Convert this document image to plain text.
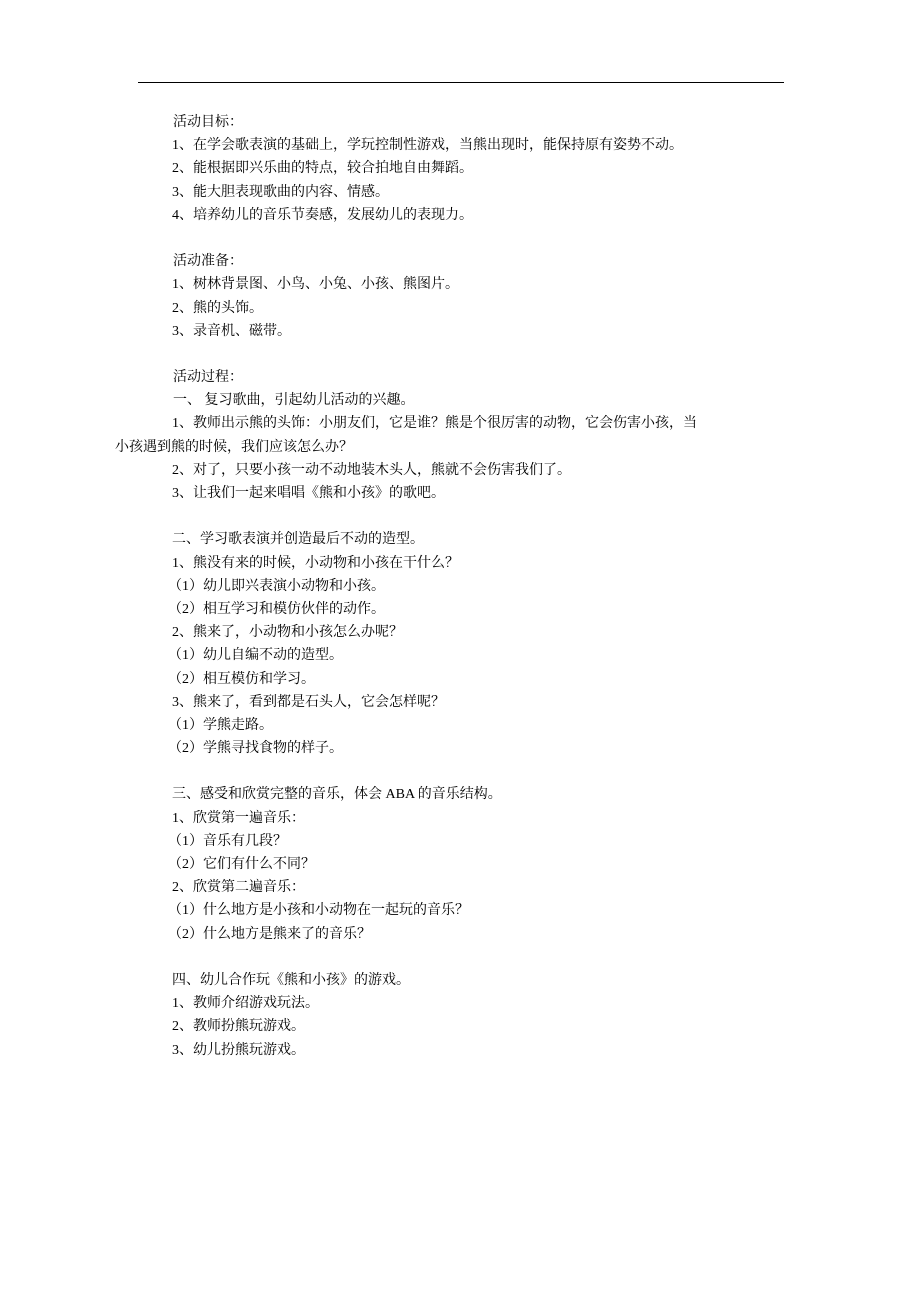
活动目标：
1、在学会歌表演的基础上，学玩控制性游戏，当熊出现时，能保持原有姿势不动。
2、能根据即兴乐曲的特点，较合拍地自由舞蹈。
3、能大胆表现歌曲的内容、情感。
4、培养幼儿的音乐节奏感，发展幼儿的表现力。
活动准备：
1、树林背景图、小鸟、小兔、小孩、熊图片。
2、熊的头饰。
3、录音机、磁带。
活动过程：
一、 复习歌曲，引起幼儿活动的兴趣。
1、教师出示熊的头饰：小朋友们，它是谁？熊是个很厉害的动物，它会伤害小孩，当
小孩遇到熊的时候，我们应该怎么办？
2、对了，只要小孩一动不动地装木头人，熊就不会伤害我们了。
3、让我们一起来唱唱《熊和小孩》的歌吧。
二、学习歌表演并创造最后不动的造型。
1、熊没有来的时候，小动物和小孩在干什么？
（1）幼儿即兴表演小动物和小孩。
（2）相互学习和模仿伙伴的动作。
2、熊来了，小动物和小孩怎么办呢？
（1）幼儿自编不动的造型。
（2）相互模仿和学习。
3、熊来了，看到都是石头人，它会怎样呢？
（1）学熊走路。
（2）学熊寻找食物的样子。
三、感受和欣赏完整的音乐，体会 ABA 的音乐结构。
1、欣赏第一遍音乐：
（1）音乐有几段？
（2）它们有什么不同？
2、欣赏第二遍音乐：
（1）什么地方是小孩和小动物在一起玩的音乐？
（2）什么地方是熊来了的音乐？
四、幼儿合作玩《熊和小孩》的游戏。
1、教师介绍游戏玩法。
2、教师扮熊玩游戏。
3、幼儿扮熊玩游戏。
